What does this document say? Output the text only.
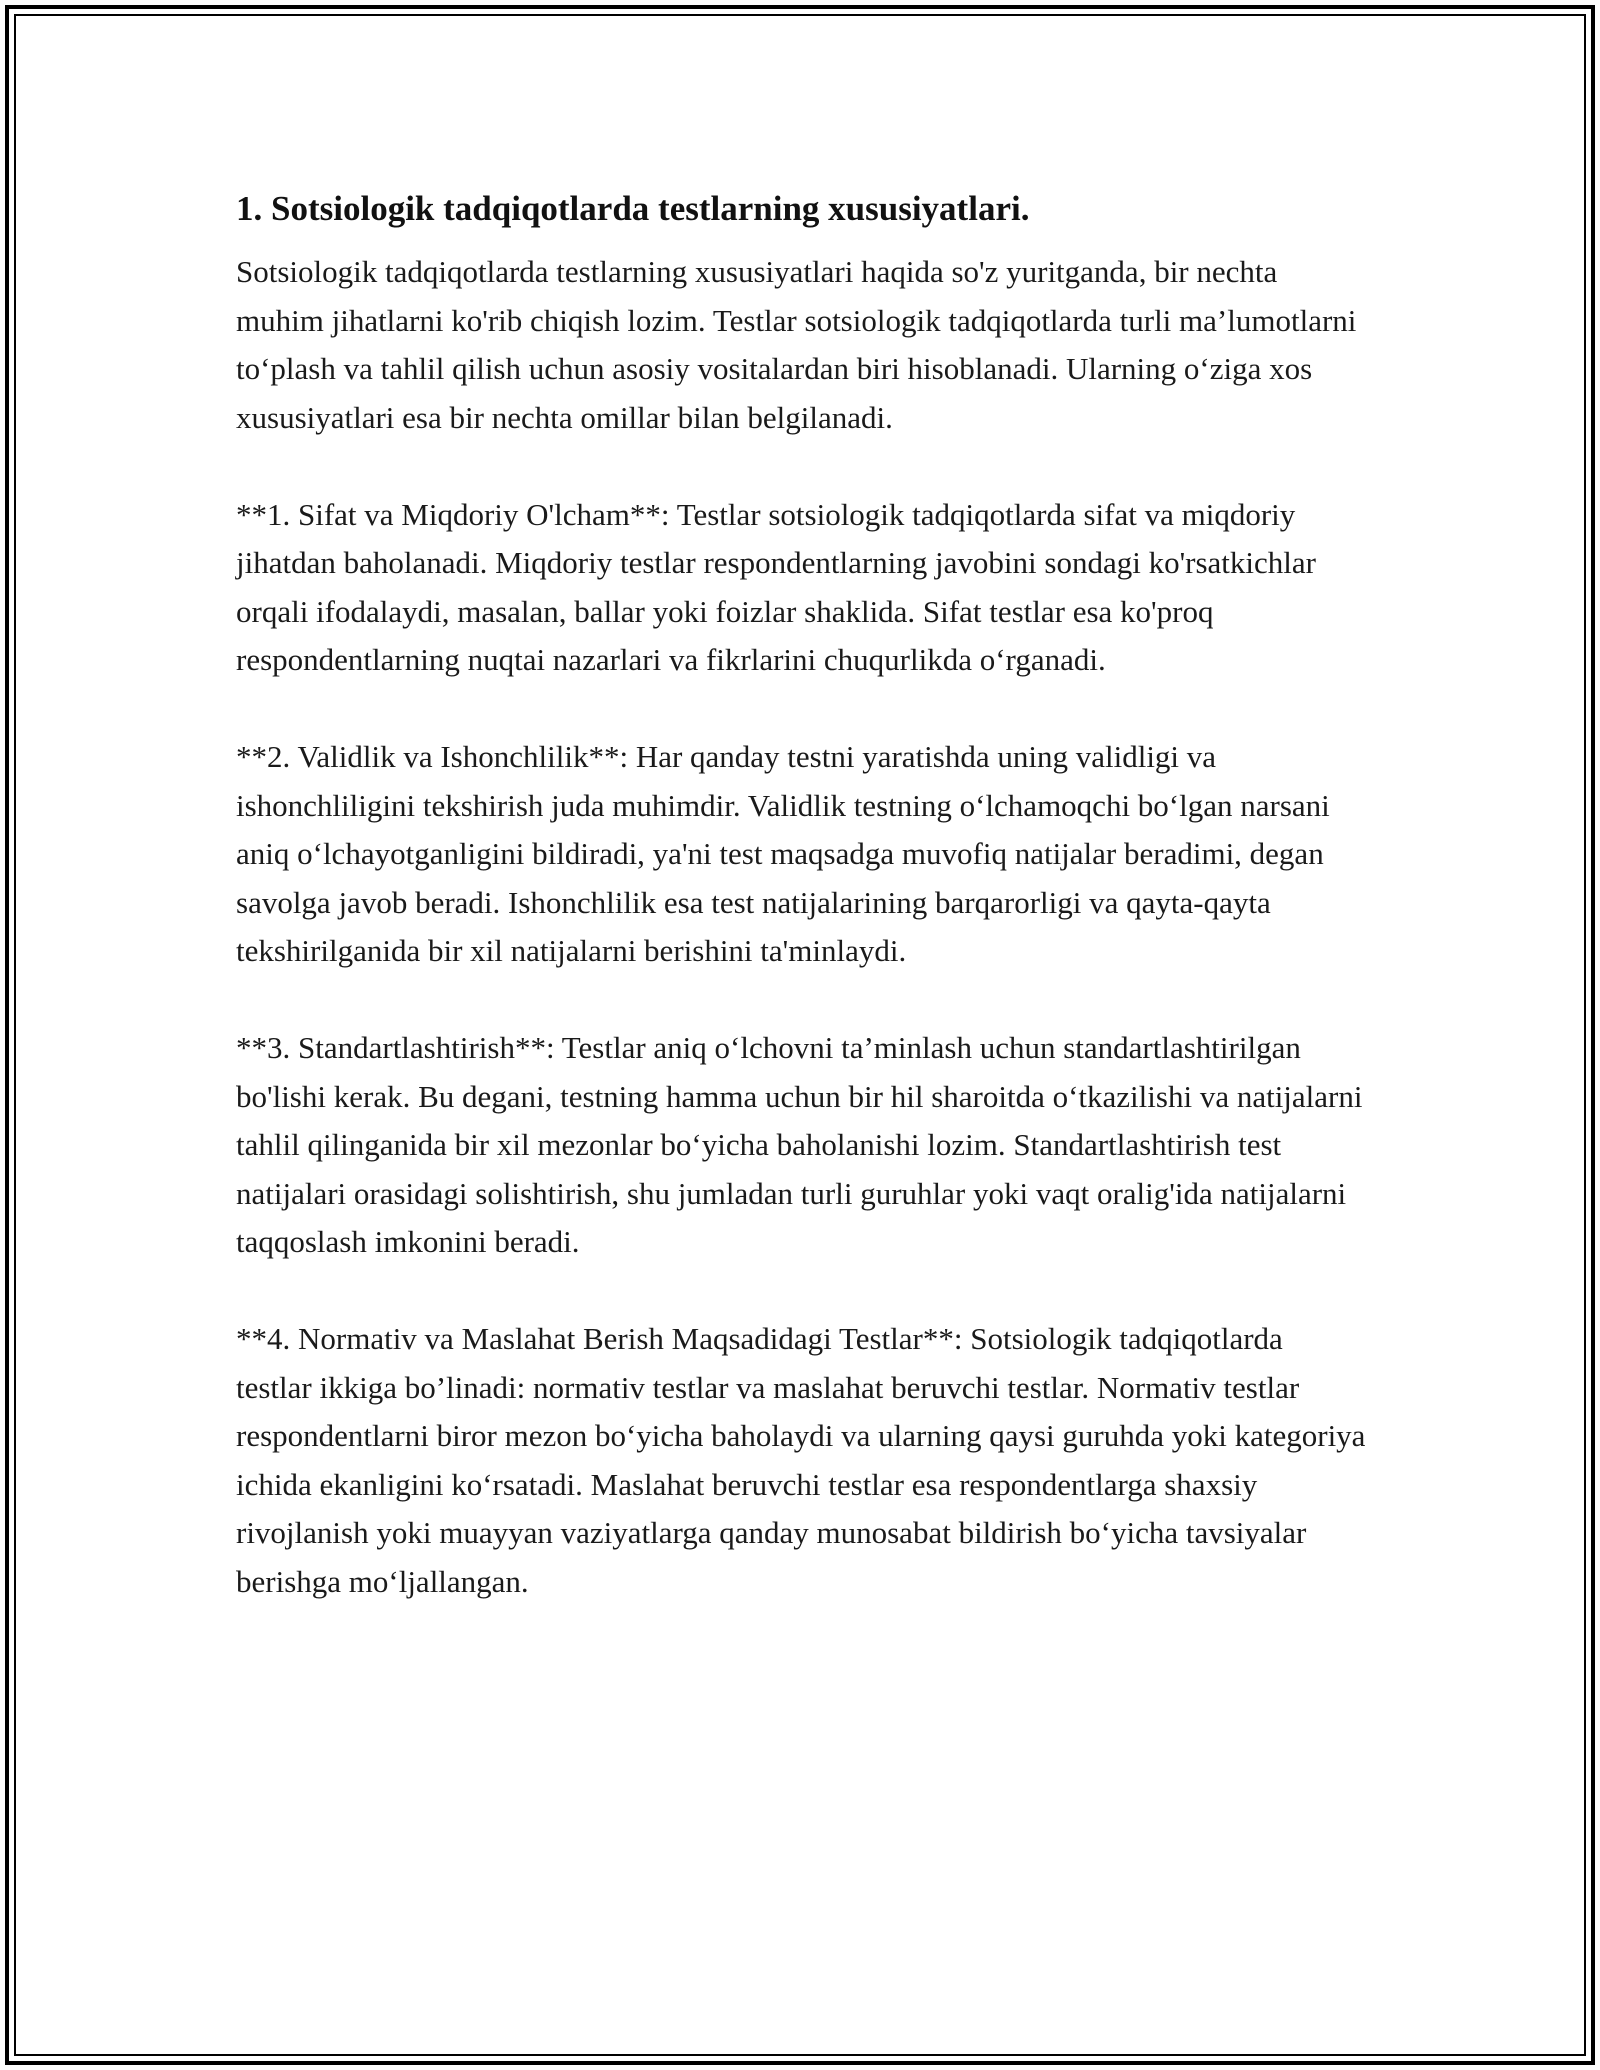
1. Sotsiologik tadqiqotlarda testlarning xususiyatlari.

Sotsiologik tadqiqotlarda testlarning xususiyatlari haqida so'z yuritganda, bir nechta muhim jihatlarni ko'rib chiqish lozim. Testlar sotsiologik tadqiqotlarda turli ma’lumotlarni to‘plash va tahlil qilish uchun asosiy vositalardan biri hisoblanadi. Ularning o‘ziga xos xususiyatlari esa bir nechta omillar bilan belgilanadi.

**1. Sifat va Miqdoriy O'lcham**: Testlar sotsiologik tadqiqotlarda sifat va miqdoriy jihatdan baholanadi. Miqdoriy testlar respondentlarning javobini sondagi ko'rsatkichlar orqali ifodalaydi, masalan, ballar yoki foizlar shaklida. Sifat testlar esa ko'proq respondentlarning nuqtai nazarlari va fikrlarini chuqurlikda o‘rganadi.

**2. Validlik va Ishonchlilik**: Har qanday testni yaratishda uning validligi va ishonchliligini tekshirish juda muhimdir. Validlik testning o‘lchamoqchi bo‘lgan narsani aniq o‘lchayotganligini bildiradi, ya'ni test maqsadga muvofiq natijalar beradimi, degan savolga javob beradi. Ishonchlilik esa test natijalarining barqarorligi va qayta-qayta tekshirilganida bir xil natijalarni berishini ta'minlaydi.

**3. Standartlashtirish**: Testlar aniq o‘lchovni ta’minlash uchun standartlashtirilgan bo'lishi kerak. Bu degani, testning hamma uchun bir hil sharoitda o‘tkazilishi va natijalarni tahlil qilinganida bir xil mezonlar bo‘yicha baholanishi lozim. Standartlashtirish test natijalari orasidagi solishtirish, shu jumladan turli guruhlar yoki vaqt oralig'ida natijalarni taqqoslash imkonini beradi.

**4. Normativ va Maslahat Berish Maqsadidagi Testlar**: Sotsiologik tadqiqotlarda testlar ikkiga bo’linadi: normativ testlar va maslahat beruvchi testlar. Normativ testlar respondentlarni biror mezon bo‘yicha baholaydi va ularning qaysi guruhda yoki kategoriya ichida ekanligini ko‘rsatadi. Maslahat beruvchi testlar esa respondentlarga shaxsiy rivojlanish yoki muayyan vaziyatlarga qanday munosabat bildirish bo‘yicha tavsiyalar berishga mo‘ljallangan.
